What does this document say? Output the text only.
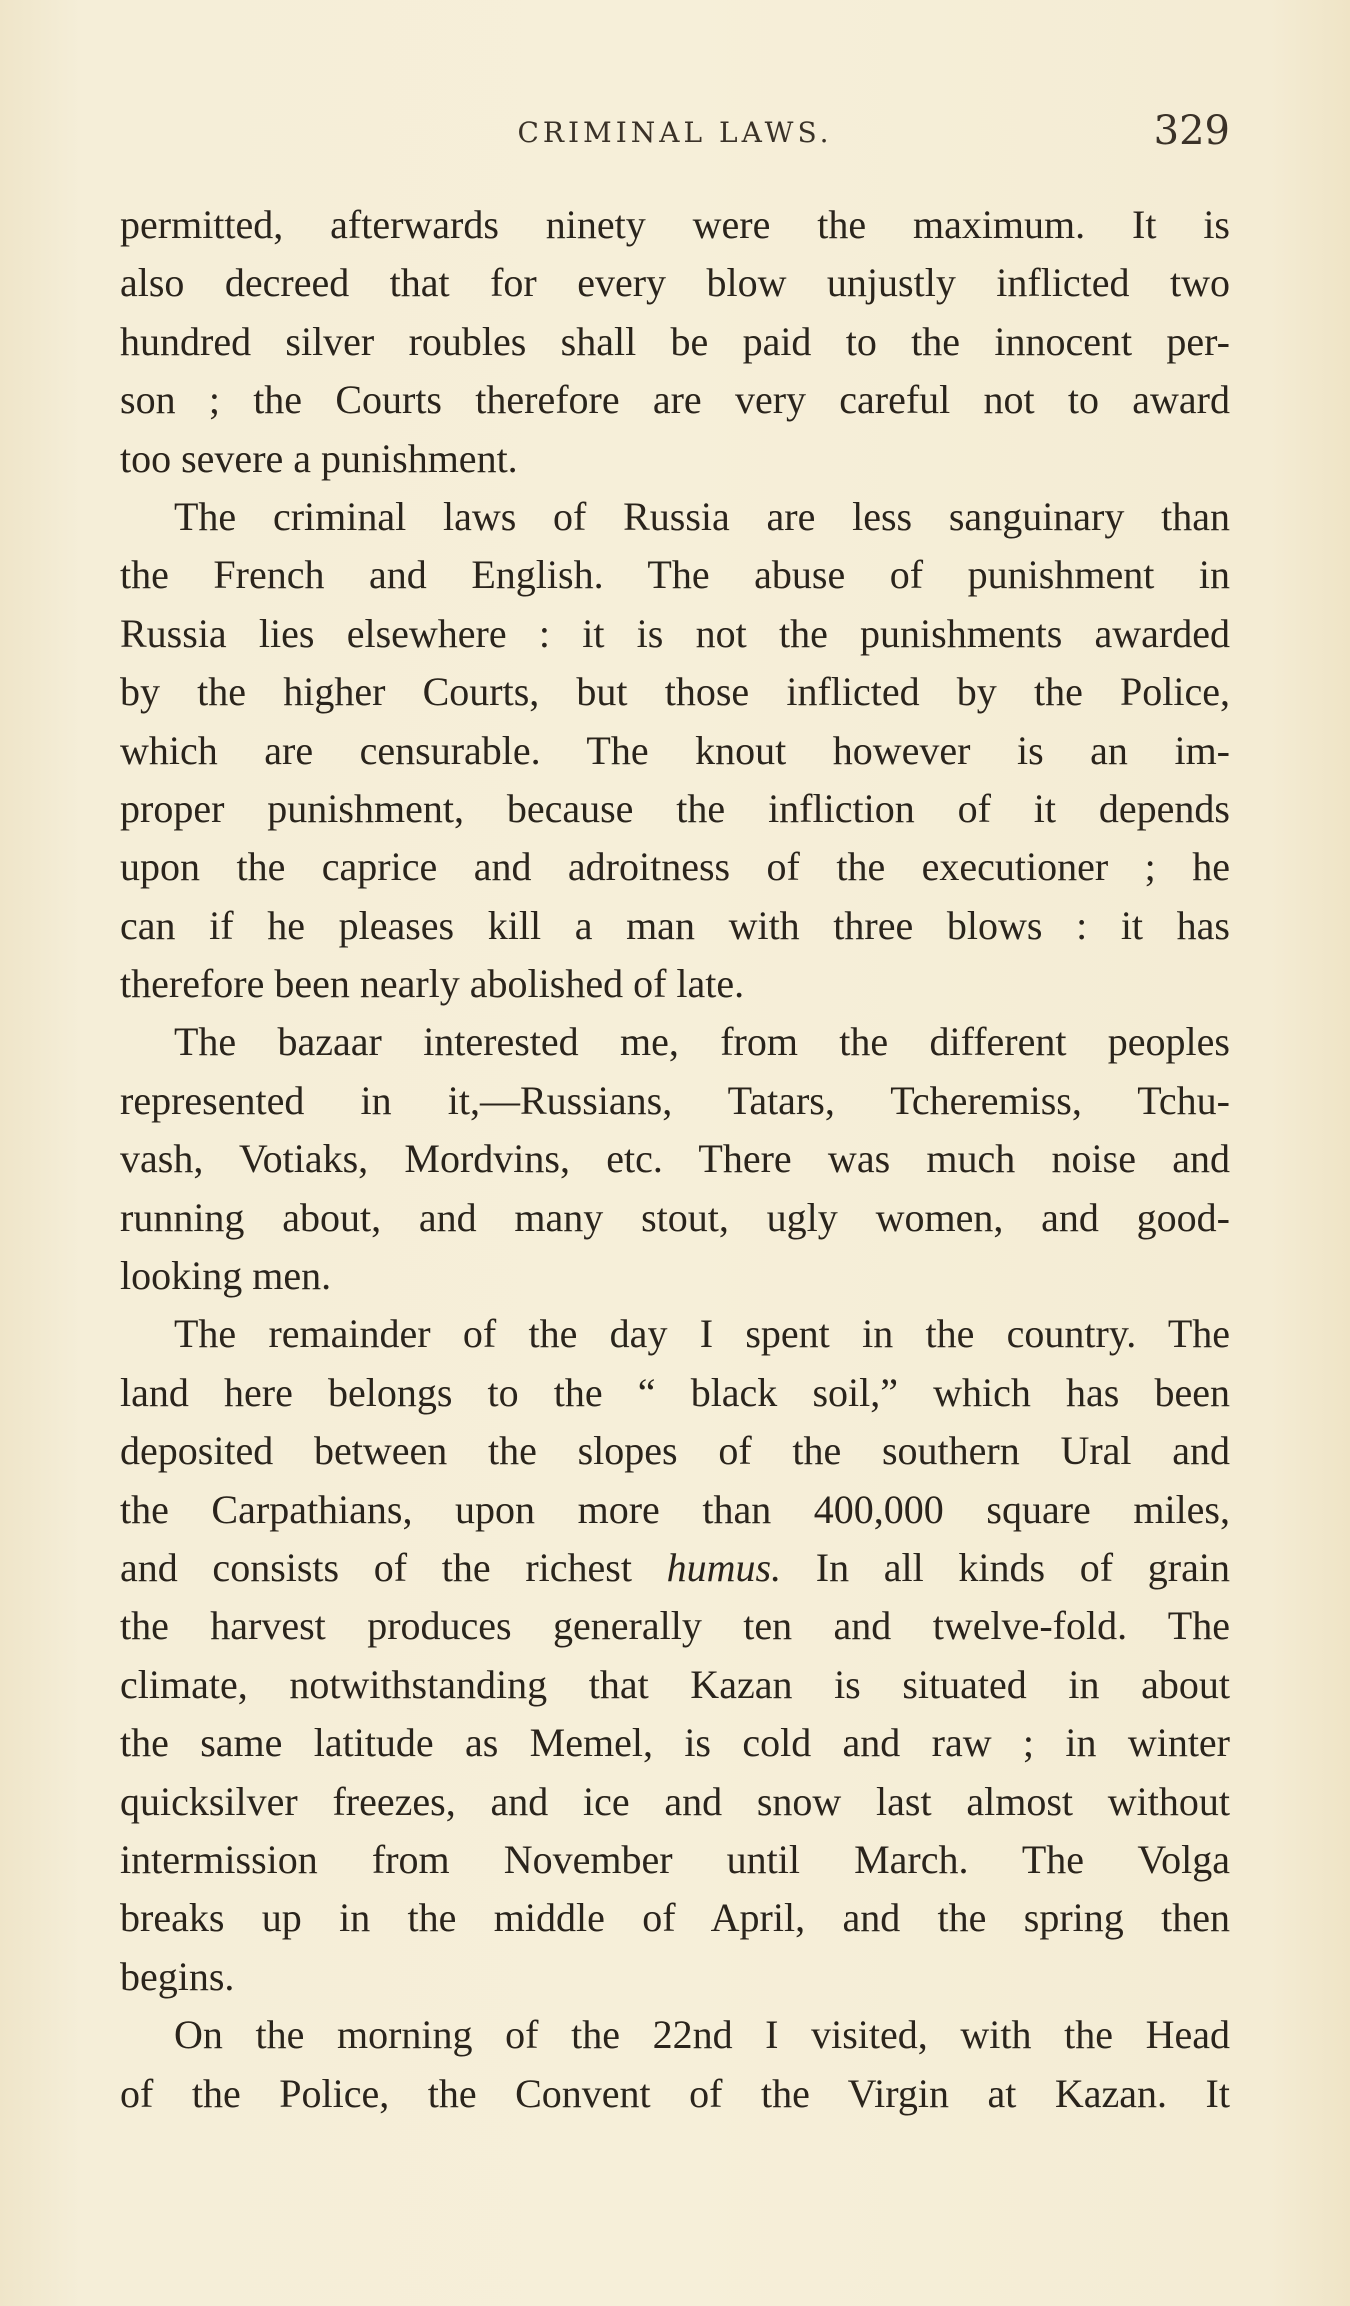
CRIMINAL LAWS.	329
permitted, afterwards ninety were the maximum. It is
also decreed that for every blow unjustly inflicted two
hundred silver roubles shall be paid to the innocent per-
son ; the Courts therefore are very careful not to award
too severe a punishment.
The criminal laws of Russia are less sanguinary than
the French and English. The abuse of punishment in
Russia lies elsewhere : it is not the punishments awarded
by the higher Courts, but those inflicted by the Police,
which are censurable. The knout however is an im-
proper punishment, because the infliction of it depends
upon the caprice and adroitness of the executioner ; he
can if he pleases kill a man with three blows : it has
therefore been nearly abolished of late.
The bazaar interested me, from the different peoples
represented in it,—Russians, Tatars, Tcheremiss, Tchu-
vash, Votiaks, Mordvins, etc. There was much noise and
running about, and many stout, ugly women, and good-
looking men.
The remainder of the day I spent in the country. The
land here belongs to the “ black soil,” which has been
deposited between the slopes of the southern Ural and
the Carpathians, upon more than 400,000 square miles,
and consists of the richest humus. In all kinds of grain
the harvest produces generally ten and twelve-fold. The
climate, notwithstanding that Kazan is situated in about
the same latitude as Memel, is cold and raw ; in winter
quicksilver freezes, and ice and snow last almost without
intermission from November until March. The Volga
breaks up in the middle of April, and the spring then
begins.
On the morning of the 22nd I visited, with the Head
of the Police, the Convent of the Virgin at Kazan. It
